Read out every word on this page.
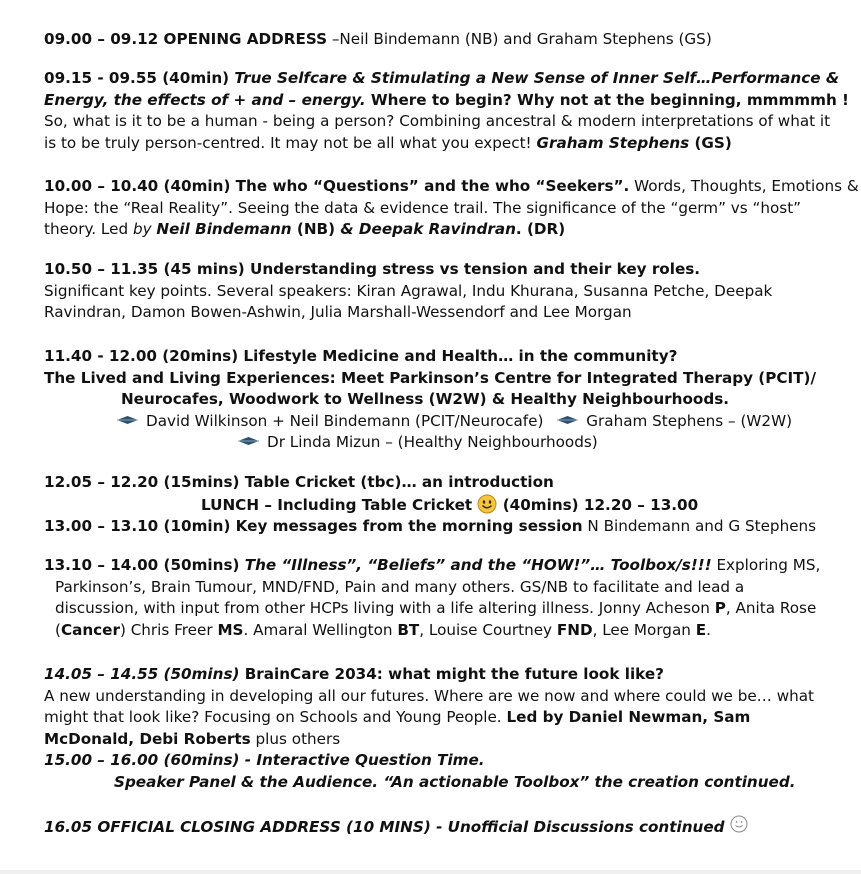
09.00 – 09.12 OPENING ADDRESS –Neil Bindemann (NB) and Graham Stephens (GS)
09.15 - 09.55 (40min) True Selfcare & Stimulating a New Sense of Inner Self…Performance &
Energy, the effects of + and – energy. Where to begin? Why not at the beginning, mmmmmh !
So, what is it to be a human - being a person? Combining ancestral & modern interpretations of what it
is to be truly person-centred. It may not be all what you expect! Graham Stephens (GS)
10.00 – 10.40 (40min) The who “Questions” and the who “Seekers”. Words, Thoughts, Emotions &
Hope: the “Real Reality”. Seeing the data & evidence trail. The significance of the “germ” vs “host”
theory. Led by Neil Bindemann (NB) & Deepak Ravindran. (DR)
10.50 – 11.35 (45 mins) Understanding stress vs tension and their key roles.
Significant key points. Several speakers: Kiran Agrawal, Indu Khurana, Susanna Petche, Deepak
Ravindran, Damon Bowen-Ashwin, Julia Marshall-Wessendorf and Lee Morgan
11.40 - 12.00 (20mins) Lifestyle Medicine and Health… in the community?
The Lived and Living Experiences: Meet Parkinson’s Centre for Integrated Therapy (PCIT)/
Neurocafes, Woodwork to Wellness (W2W) & Healthy Neighbourhoods.
David Wilkinson + Neil Bindemann (PCIT/Neurocafe)	Graham Stephens – (W2W)
Dr Linda Mizun – (Healthy Neighbourhoods)
12.05 – 12.20 (15mins) Table Cricket (tbc)… an introduction
LUNCH – Including Table Cricket
(40mins) 12.20 – 13.00
13.00 – 13.10 (10min) Key messages from the morning session N Bindemann and G Stephens
13.10 – 14.00 (50mins) The “Illness”, “Beliefs” and the “HOW!”… Toolbox/s!!! Exploring MS,
Parkinson’s, Brain Tumour, MND/FND, Pain and many others. GS/NB to facilitate and lead a
discussion, with input from other HCPs living with a life altering illness. Jonny Acheson P, Anita Rose
(Cancer) Chris Freer MS. Amaral Wellington BT, Louise Courtney FND, Lee Morgan E.
14.05 – 14.55 (50mins) BrainCare 2034: what might the future look like?
A new understanding in developing all our futures. Where are we now and where could we be… what
might that look like? Focusing on Schools and Young People. Led by Daniel Newman, Sam
McDonald, Debi Roberts plus others
15.00 – 16.00 (60mins) - Interactive Question Time.
Speaker Panel & the Audience. “An actionable Toolbox” the creation continued.
16.05 OFFICIAL CLOSING ADDRESS (10 MINS) - Unofficial Discussions continued
